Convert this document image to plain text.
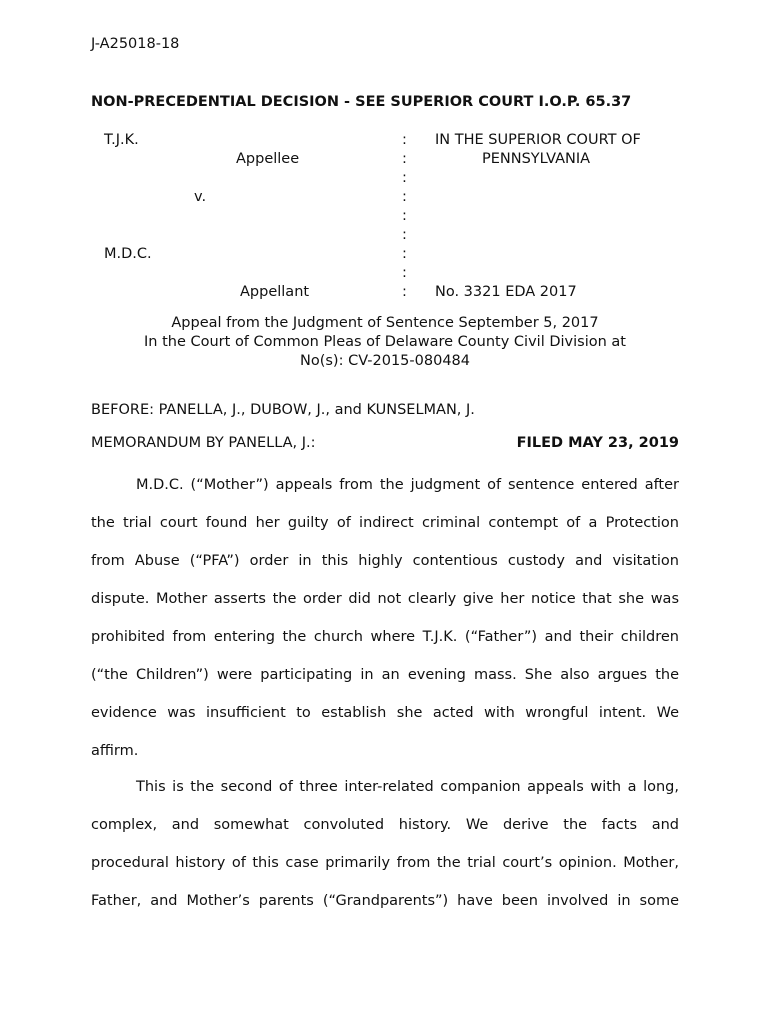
J-A25018-18
NON-PRECEDENTIAL DECISION - SEE SUPERIOR COURT I.O.P. 65.37
T.J.K.
Appellee
v.
M.D.C.
Appellant
:
:
:
:
:
:
:
:
:
IN THE SUPERIOR COURT OF
PENNSYLVANIA
No. 3321 EDA 2017
Appeal from the Judgment of Sentence September 5, 2017
In the Court of Common Pleas of Delaware County Civil Division at
No(s): CV-2015-080484
BEFORE: PANELLA, J., DUBOW, J., and KUNSELMAN, J.
MEMORANDUM BY PANELLA, J.:	FILED MAY 23, 2019
M.D.C. (“Mother”) appeals from the judgment of sentence entered after
the trial court found her guilty of indirect criminal contempt of a Protection
from Abuse (“PFA”) order in this highly contentious custody and visitation
dispute. Mother asserts the order did not clearly give her notice that she was
prohibited from entering the church where T.J.K. (“Father”) and their children
(“the Children”) were participating in an evening mass. She also argues the
evidence was insufficient to establish she acted with wrongful intent. We
affirm.
This is the second of three inter-related companion appeals with a long,
complex, and somewhat convoluted history. We derive the facts and
procedural history of this case primarily from the trial court’s opinion. Mother,
Father, and Mother’s parents (“Grandparents”) have been involved in some
